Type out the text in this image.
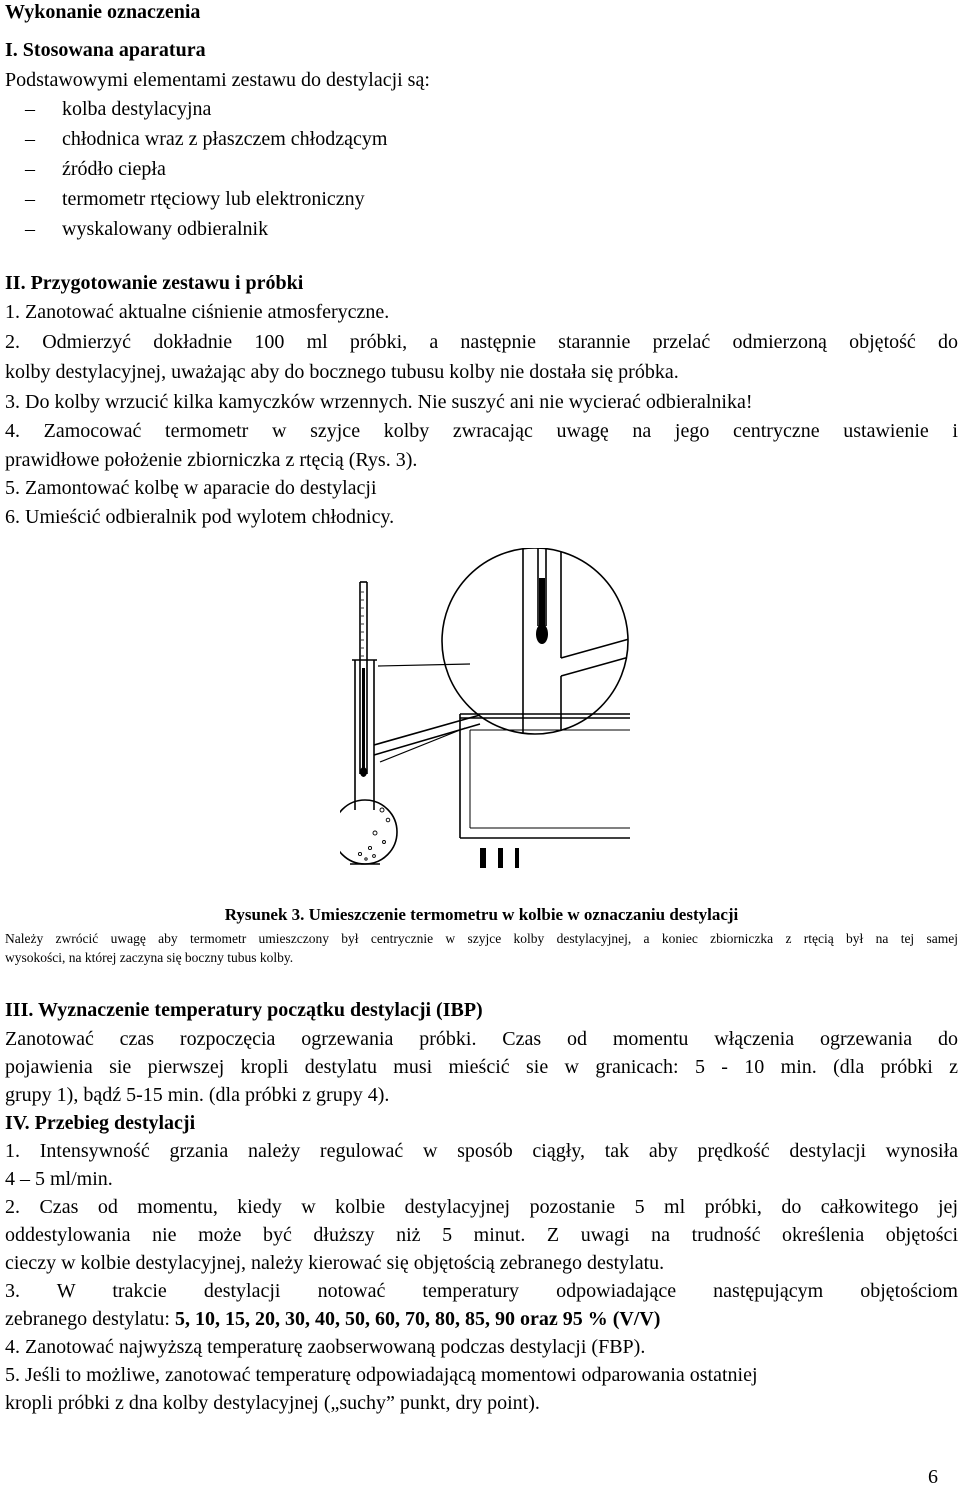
Wykonanie oznaczenia
I. Stosowana aparatura
Podstawowymi elementami zestawu do destylacji są:
– kolba destylacyjna
– chłodnica wraz z płaszczem chłodzącym
– źródło ciepła
– termometr rtęciowy lub elektroniczny
– wyskalowany odbieralnik
II. Przygotowanie zestawu i próbki
1. Zanotować aktualne ciśnienie atmosferyczne.
2. Odmierzyć dokładnie 100 ml próbki, a następnie starannie przelać odmierzoną objętość do
kolby destylacyjnej, uważając aby do bocznego tubusu kolby nie dostała się próbka.
3. Do kolby wrzucić kilka kamyczków wrzennych. Nie suszyć ani nie wycierać odbieralnika!
4. Zamocować termometr w szyjce kolby zwracając uwagę na jego centryczne ustawienie i
prawidłowe położenie zbiorniczka z rtęcią (Rys. 3).
5. Zamontować kolbę w aparacie do destylacji
6. Umieścić odbieralnik pod wylotem chłodnicy.
Rysunek 3. Umieszczenie termometru w kolbie w oznaczaniu destylacji
Należy zwrócić uwagę aby termometr umieszczony był centrycznie w szyjce kolby destylacyjnej, a koniec zbiorniczka z rtęcią był na tej samej
wysokości, na której zaczyna się boczny tubus kolby.
III. Wyznaczenie temperatury początku destylacji (IBP)
Zanotować czas rozpoczęcia ogrzewania próbki. Czas od momentu włączenia ogrzewania do
pojawienia sie pierwszej kropli destylatu musi mieścić sie w granicach: 5 - 10 min. (dla próbki z
grupy 1), bądź 5-15 min. (dla próbki z grupy 4).
IV. Przebieg destylacji
1. Intensywność grzania należy regulować w sposób ciągły, tak aby prędkość destylacji wynosiła
4 – 5 ml/min.
2. Czas od momentu, kiedy w kolbie destylacyjnej pozostanie 5 ml próbki, do całkowitego jej
oddestylowania nie może być dłuższy niż 5 minut. Z uwagi na trudność określenia objętości
cieczy w kolbie destylacyjnej, należy kierować się objętością zebranego destylatu.
3. W trakcie destylacji notować temperatury odpowiadające następującym objętościom
zebranego destylatu: 5, 10, 15, 20, 30, 40, 50, 60, 70, 80, 85, 90 oraz 95 % (V/V)
4. Zanotować najwyższą temperaturę zaobserwowaną podczas destylacji (FBP).
5. Jeśli to możliwe, zanotować temperaturę odpowiadającą momentowi odparowania ostatniej
kropli próbki z dna kolby destylacyjnej („suchy” punkt, dry point).
6
